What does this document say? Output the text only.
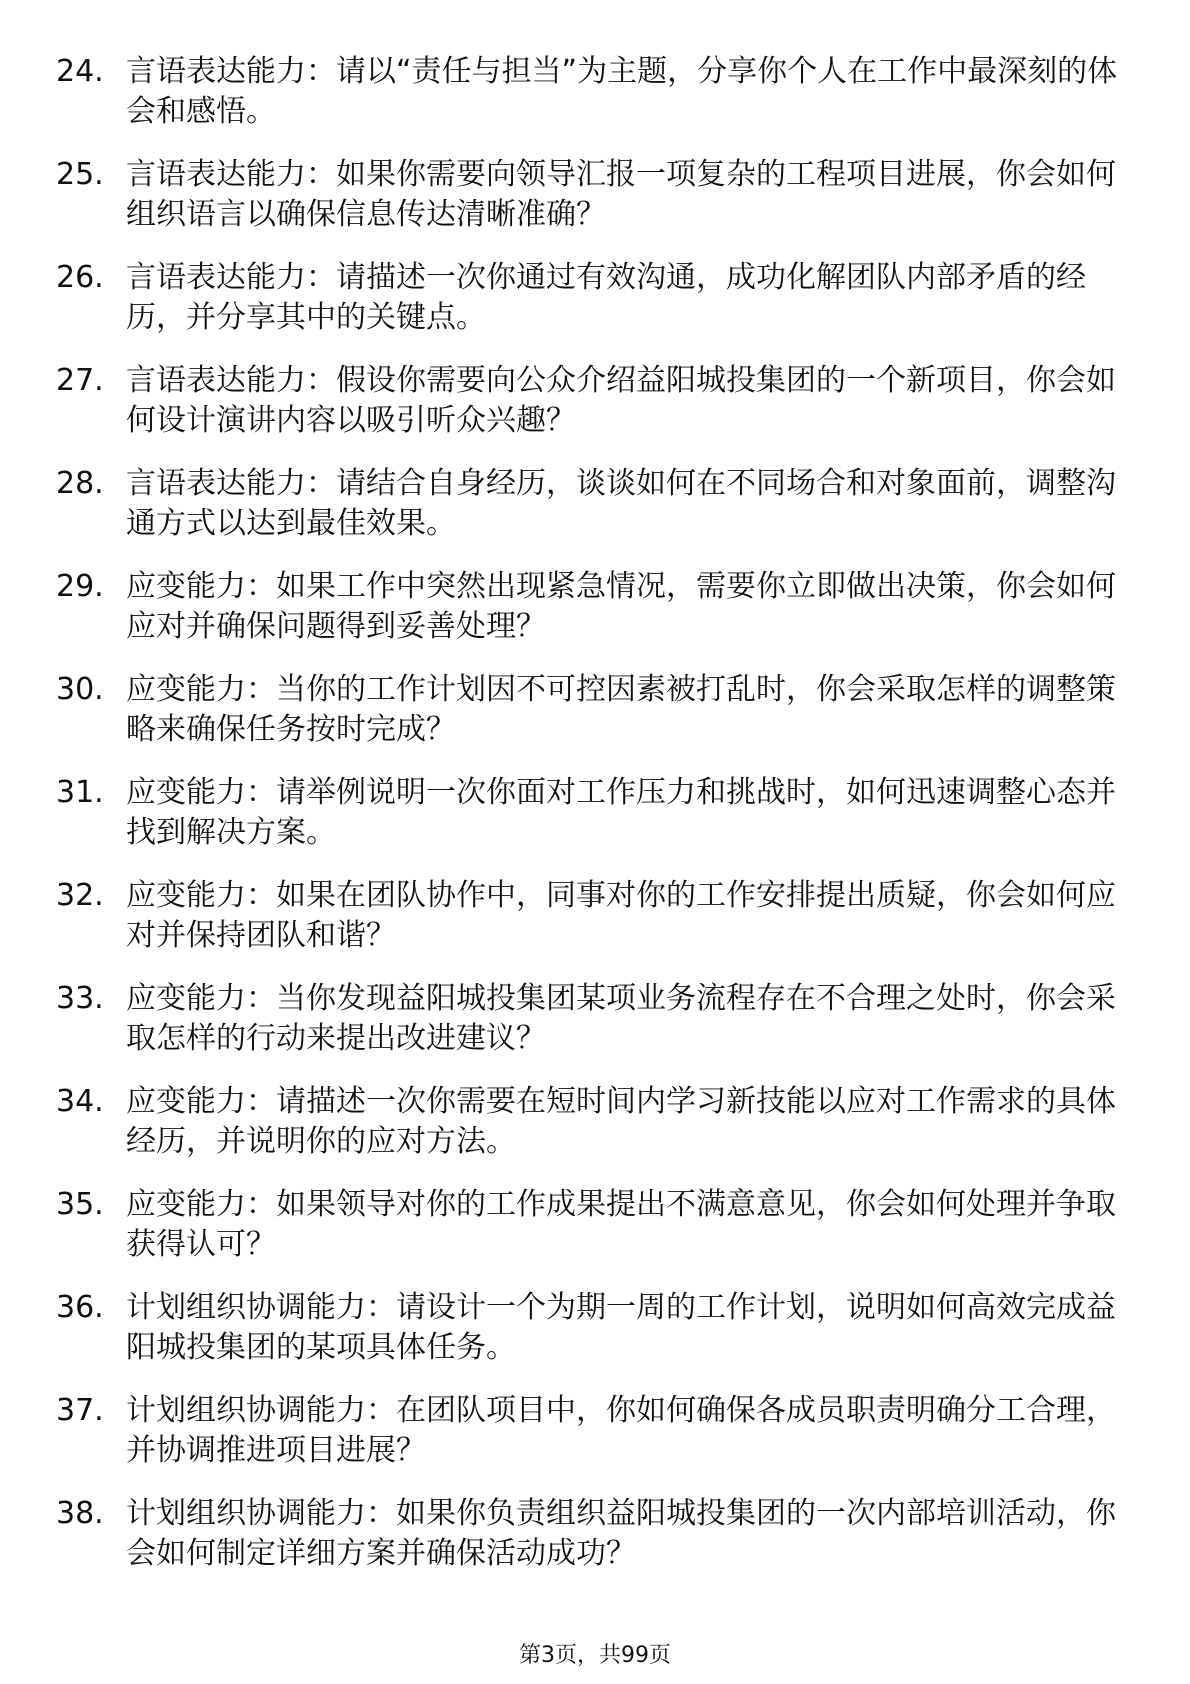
24. 言语表达能力：请以“责任与担当”为主题，分享你个人在工作中最深刻的体会和感悟。
25. 言语表达能力：如果你需要向领导汇报一项复杂的工程项目进展，你会如何组织语言以确保信息传达清晰准确？
26. 言语表达能力：请描述一次你通过有效沟通，成功化解团队内部矛盾的经历，并分享其中的关键点。
27. 言语表达能力：假设你需要向公众介绍益阳城投集团的一个新项目，你会如何设计演讲内容以吸引听众兴趣？
28. 言语表达能力：请结合自身经历，谈谈如何在不同场合和对象面前，调整沟通方式以达到最佳效果。
29. 应变能力：如果工作中突然出现紧急情况，需要你立即做出决策，你会如何应对并确保问题得到妥善处理？
30. 应变能力：当你的工作计划因不可控因素被打乱时，你会采取怎样的调整策略来确保任务按时完成？
31. 应变能力：请举例说明一次你面对工作压力和挑战时，如何迅速调整心态并找到解决方案。
32. 应变能力：如果在团队协作中，同事对你的工作安排提出质疑，你会如何应对并保持团队和谐？
33. 应变能力：当你发现益阳城投集团某项业务流程存在不合理之处时，你会采取怎样的行动来提出改进建议？
34. 应变能力：请描述一次你需要在短时间内学习新技能以应对工作需求的具体经历，并说明你的应对方法。
35. 应变能力：如果领导对你的工作成果提出不满意意见，你会如何处理并争取获得认可？
36. 计划组织协调能力：请设计一个为期一周的工作计划，说明如何高效完成益阳城投集团的某项具体任务。
37. 计划组织协调能力：在团队项目中，你如何确保各成员职责明确分工合理，并协调推进项目进展？
38. 计划组织协调能力：如果你负责组织益阳城投集团的一次内部培训活动，你会如何制定详细方案并确保活动成功？
第3页，共99页
